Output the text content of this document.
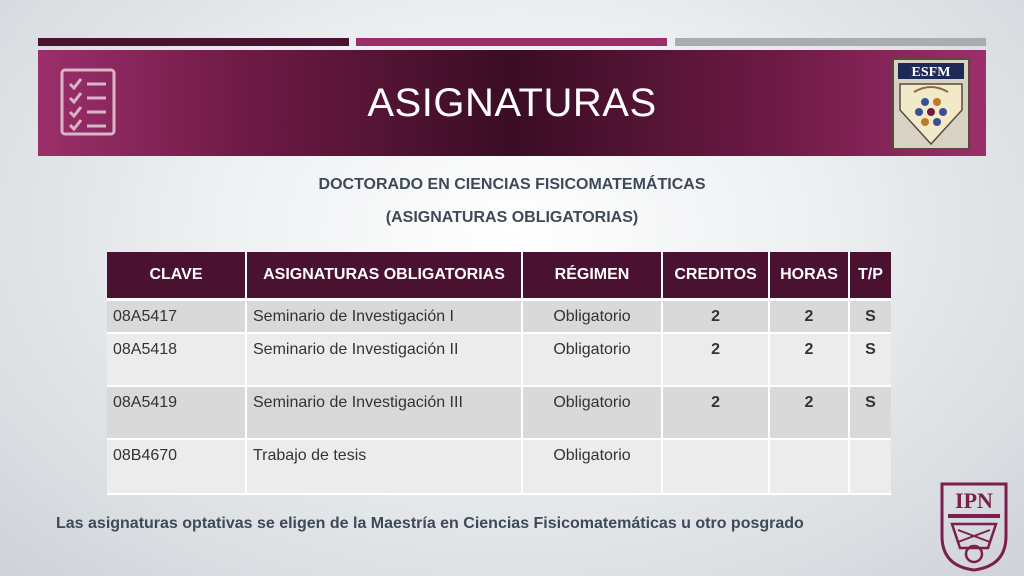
ASIGNATURAS
ESFM
DOCTORADO EN CIENCIAS FISICOMATEMÁTICAS
(ASIGNATURAS OBLIGATORIAS)
CLAVE	ASIGNATURAS OBLIGATORIAS	RÉGIMEN	CREDITOS	HORAS	T/P
08A5417	Seminario de Investigación I	Obligatorio	2	2	S
08A5418	Seminario de Investigación II	Obligatorio	2	2	S
08A5419	Seminario de Investigación III	Obligatorio	2	2	S
08B4670	Trabajo de tesis	Obligatorio			
Las asignaturas optativas se eligen de la Maestría en Ciencias Fisicomatemáticas u otro posgrado
IPN
